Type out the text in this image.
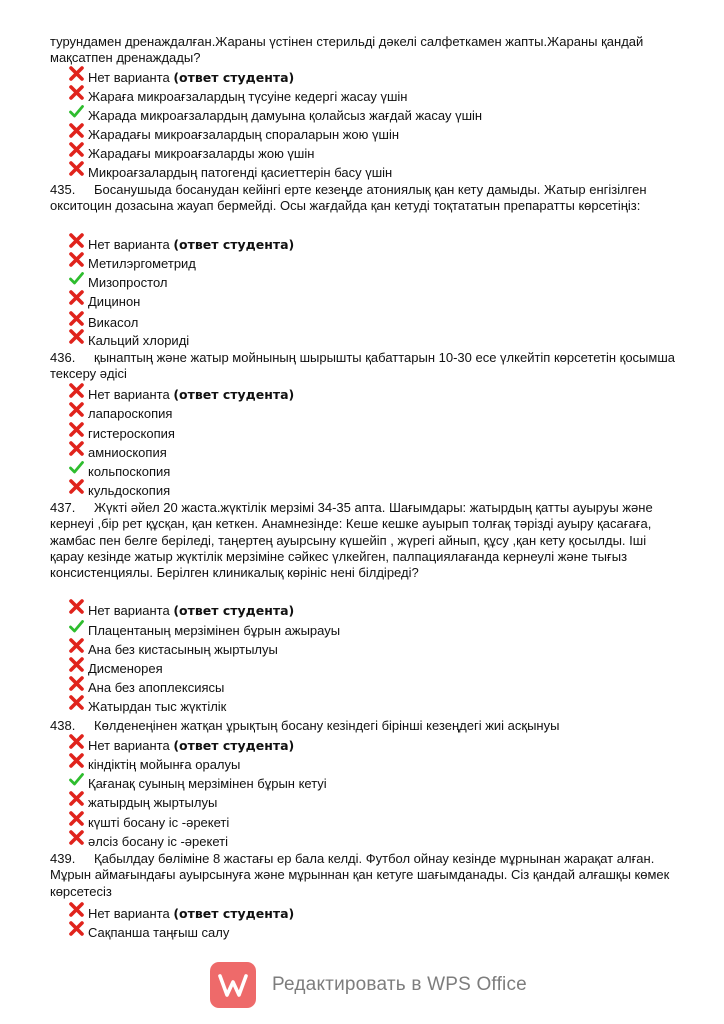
турундамен дренаждалған.Жараны үстінен стерильді дәкелі салфеткамен жапты.Жараны қандай мақсатпен дренаждады?
Нет варианта (ответ студента)
Жараға микроағзалардың түсуіне кедергі жасау үшін
Жарада микроағзалардың дамуына қолайсыз жағдай жасау үшін
Жарадағы микроағзалардың спораларын жою үшін
Жарадағы микроағзаларды жою үшін
Микроағзалардың патогенді қасиеттерін басу үшін
435. Босанушыда босанудан кейінгі ерте кезеңде атониялық қан кету дамыды. Жатыр енгізілген окситоцин дозасына жауап бермейді. Осы жағдайда қан кетуді тоқтататын препаратты көрсетіңіз:
Нет варианта (ответ студента)
Метилэргометрид
Мизопростол
Дицинон
Викасол
Кальций хлориді
436. қынаптың және жатыр мойнының шырышты қабаттарын 10-30 есе үлкейтіп көрсететін қосымша тексеру әдісі
Нет варианта (ответ студента)
лапароскопия
гистероскопия
амниоскопия
кольпоскопия
кульдоскопия
437. Жүкті әйел 20 жаста.жүктілік мерзімі 34-35 апта. Шағымдары: жатырдың қатты ауыруы және кернеуі ,бір рет құсқан, қан кеткен. Анамнезінде: Кеше кешке ауырып толғақ тәрізді ауыру қасағаға, жамбас пен белге беріледі, таңертең ауырсыну күшейіп , жүрегі айнып, құсу ,қан кету қосылды. Іші қарау кезінде жатыр жүктілік мерзіміне сәйкес үлкейген, палпациялағанда кернеулі және тығыз консистенциялы. Берілген клиникалық көрініс нені білдіреді?
Нет варианта (ответ студента)
Плацентаның мерзімінен бұрын ажырауы
Ана без кистасының жыртылуы
Дисменорея
Ана без апоплексиясы
Жатырдан тыс жүктілік
438. Көлденеңінен жатқан ұрықтың босану кезіндегі бірінші кезеңдегі жиі асқынуы
Нет варианта (ответ студента)
кіндіктің мойынға оралуы
Қағанақ суының мерзімінен бұрын кетуі
жатырдың жыртылуы
күшті босану іс -әрекеті
әлсіз босану іс -әрекеті
439. Қабылдау бөліміне 8 жастағы ер бала келді. Футбол ойнау кезінде мұрнынан жарақат алған. Мұрын аймағындағы ауырсынуға және мұрыннан қан кетуге шағымданады. Сіз қандай алғашқы көмек көрсетесіз
Нет варианта (ответ студента)
Сақпанша таңғыш салу
Редактировать в WPS Office
